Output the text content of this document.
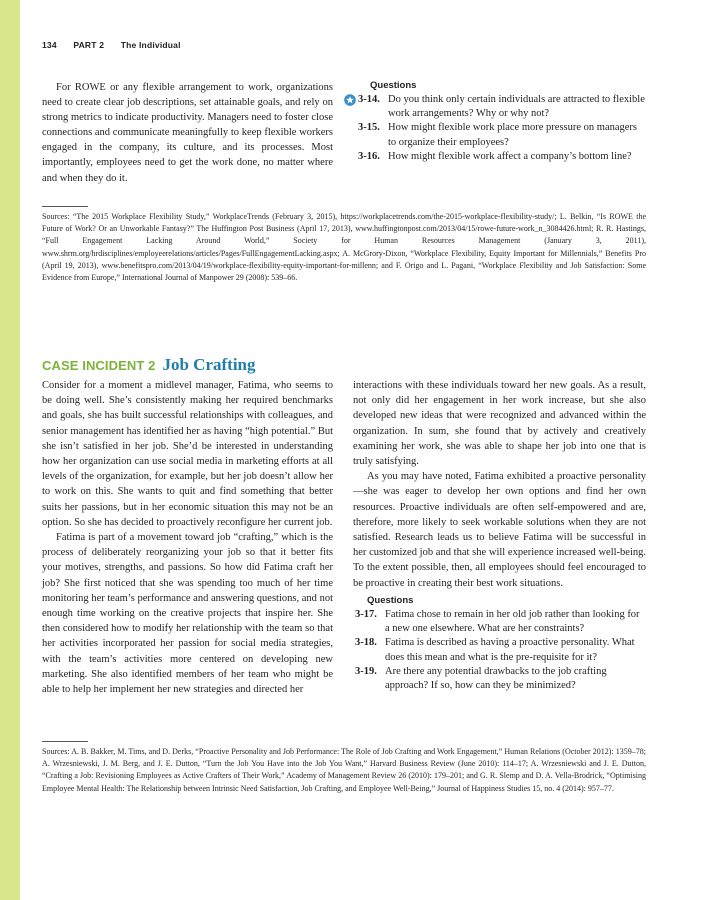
134 PART 2 The Individual

For ROWE or any flexible arrangement to work, organizations need to create clear job descriptions, set attainable goals, and rely on strong metrics to indicate productivity. Managers need to foster close connections and communicate meaningfully to keep flexible workers engaged in the company, its culture, and its processes. Most importantly, employees need to get the work done, no matter where and when they do it.

Questions

3-14. Do you think only certain individuals are attracted to flexible work arrangements? Why or why not?
3-15. How might flexible work place more pressure on managers to organize their employees?
3-16. How might flexible work affect a company’s bottom line?

Sources: “The 2015 Workplace Flexibility Study,” WorkplaceTrends (February 3, 2015), https://workplacetrends.com/the-2015-workplace-flexibility-study/; L. Belkin, “Is ROWE the Future of Work? Or an Unworkable Fantasy?” The Huffington Post Business (April 17, 2013), www.huffingtonpost.com/2013/04/15/rowe-future-work_n_3084426.html; R. R. Hastings, “Full Engagement Lacking Around World,” Society for Human Resources Management (January 3, 2011), www.shrm.org/hrdisciplines/employeerelations/articles/Pages/FullEngagementLacking.aspx; A. McGrory-Dixon, “Workplace Flexibility, Equity Important for Millennials,” Benefits Pro (April 19, 2013), www.benefitspro.com/2013/04/19/workplace-flexibility-equity-important-for-millenn; and F. Origo and L. Pagani, “Workplace Flexibility and Job Satisfaction: Some Evidence from Europe,” International Journal of Manpower 29 (2008): 539–66.

CASE INCIDENT 2 Job Crafting

Consider for a moment a midlevel manager, Fatima, who seems to be doing well. She’s consistently making her required benchmarks and goals, she has built successful relationships with colleagues, and senior management has identified her as having “high potential.” But she isn’t satisfied in her job. She’d be interested in understanding how her organization can use social media in marketing efforts at all levels of the organization, for example, but her job doesn’t allow her to work on this. She wants to quit and find something that better suits her passions, but in her economic situation this may not be an option. So she has decided to proactively reconfigure her current job.

Fatima is part of a movement toward job “crafting,” which is the process of deliberately reorganizing your job so that it better fits your motives, strengths, and passions. So how did Fatima craft her job? She first noticed that she was spending too much of her time monitoring her team’s performance and answering questions, and not enough time working on the creative projects that inspire her. She then considered how to modify her relationship with the team so that her activities incorporated her passion for social media strategies, with the team’s activities more centered on developing new marketing. She also identified members of her team who might be able to help her implement her new strategies and directed her

interactions with these individuals toward her new goals. As a result, not only did her engagement in her work increase, but she also developed new ideas that were recognized and advanced within the organization. In sum, she found that by actively and creatively examining her work, she was able to shape her job into one that is truly satisfying.

As you may have noted, Fatima exhibited a proactive personality—she was eager to develop her own options and find her own resources. Proactive individuals are often self-empowered and are, therefore, more likely to seek workable solutions when they are not satisfied. Research leads us to believe Fatima will be successful in her customized job and that she will experience increased well-being. To the extent possible, then, all employees should feel encouraged to be proactive in creating their best work situations.

Questions

3-17. Fatima chose to remain in her old job rather than looking for a new one elsewhere. What are her constraints?
3-18. Fatima is described as having a proactive personality. What does this mean and what is the pre-requisite for it?
3-19. Are there any potential drawbacks to the job crafting approach? If so, how can they be minimized?

Sources: A. B. Bakker, M. Tims, and D. Derks, “Proactive Personality and Job Performance: The Role of Job Crafting and Work Engagement,” Human Relations (October 2012): 1359–78; A. Wrzesniewski, J. M. Berg, and J. E. Dutton, “Turn the Job You Have into the Job You Want,” Harvard Business Review (June 2010): 114–17; A. Wrzesniewski and J. E. Dutton, “Crafting a Job: Revisioning Employees as Active Crafters of Their Work,” Academy of Management Review 26 (2010): 179–201; and G. R. Slemp and D. A. Vella-Brodrick, “Optimising Employee Mental Health: The Relationship between Intrinsic Need Satisfaction, Job Crafting, and Employee Well-Being,” Journal of Happiness Studies 15, no. 4 (2014): 957–77.
